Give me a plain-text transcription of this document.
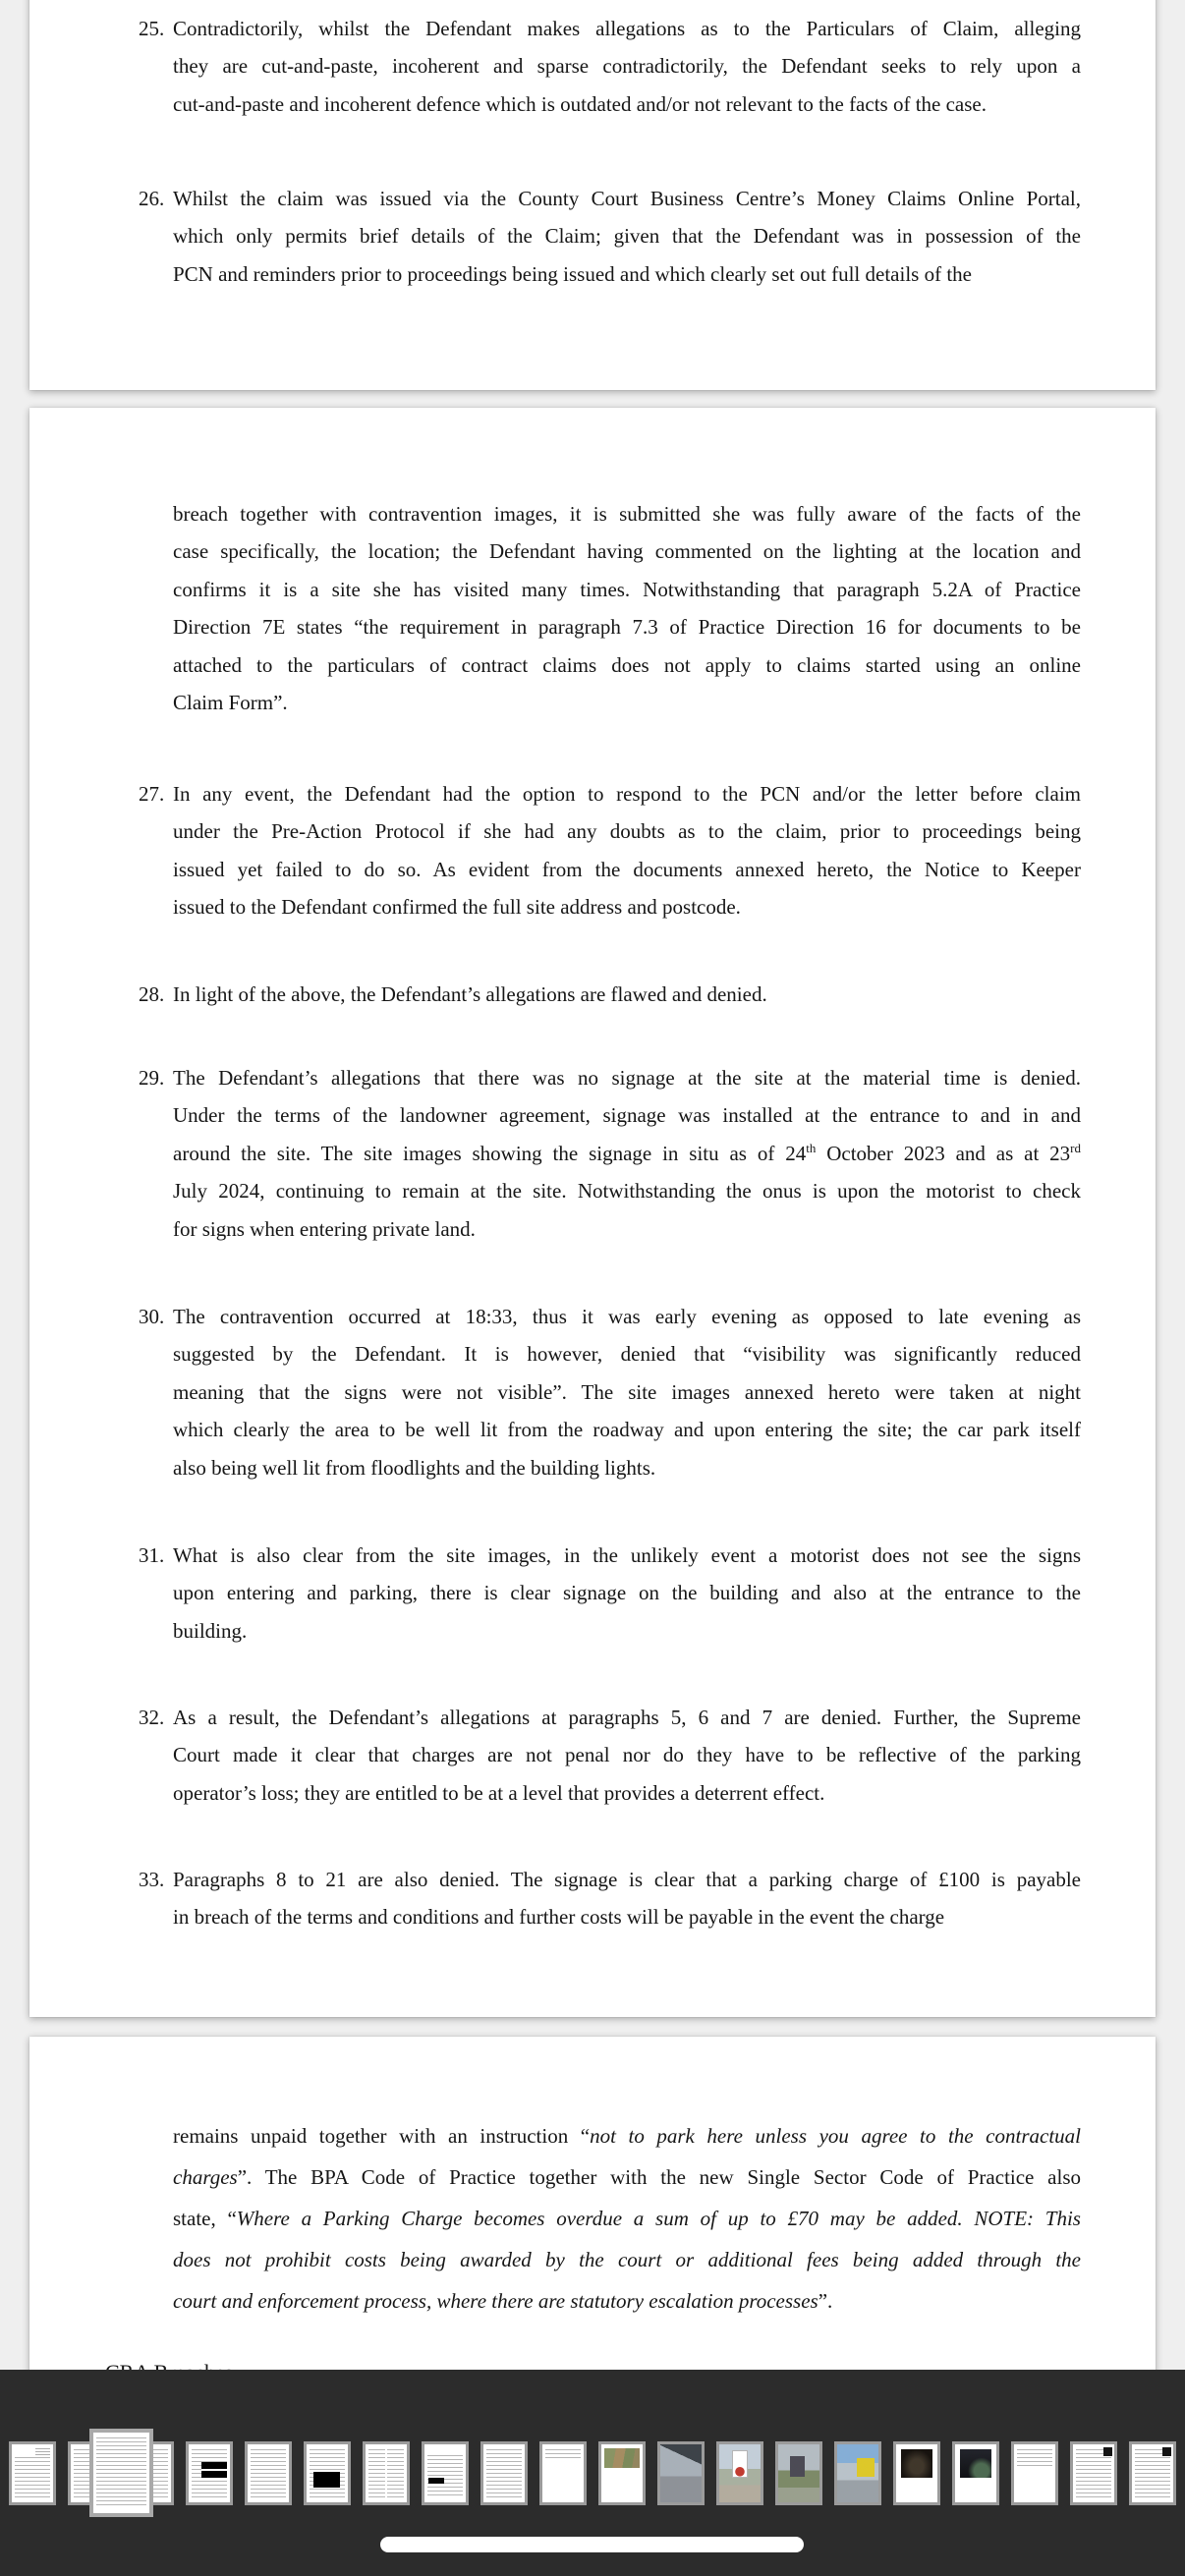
Contradictorily, whilst the Defendant makes allegations as to the Particulars of Claim, alleging
25.
they are cut-and-paste, incoherent and sparse contradictorily, the Defendant seeks to rely upon a
cut-and-paste and incoherent defence which is outdated and/or not relevant to the facts of the case.
Whilst the claim was issued via the County Court Business Centre’s Money Claims Online Portal,
26.
which only permits brief details of the Claim; given that the Defendant was in possession of the
PCN and reminders prior to proceedings being issued and which clearly set out full details of the
breach together with contravention images, it is submitted she was fully aware of the facts of the
case specifically, the location; the Defendant having commented on the lighting at the location and
confirms it is a site she has visited many times. Notwithstanding that paragraph 5.2A of Practice
Direction 7E states “the requirement in paragraph 7.3 of Practice Direction 16 for documents to be
attached to the particulars of contract claims does not apply to claims started using an online
Claim Form”.
In any event, the Defendant had the option to respond to the PCN and/or the letter before claim
27.
under the Pre-Action Protocol if she had any doubts as to the claim, prior to proceedings being
issued yet failed to do so. As evident from the documents annexed hereto, the Notice to Keeper
issued to the Defendant confirmed the full site address and postcode.
In light of the above, the Defendant’s allegations are flawed and denied.
28.
The Defendant’s allegations that there was no signage at the site at the material time is denied.
29.
Under the terms of the landowner agreement, signage was installed at the entrance to and in and
around the site. The site images showing the signage in situ as of 24th October 2023 and as at 23rd
July 2024, continuing to remain at the site. Notwithstanding the onus is upon the motorist to check
for signs when entering private land.
The contravention occurred at 18:33, thus it was early evening as opposed to late evening as
30.
suggested by the Defendant. It is however, denied that “visibility was significantly reduced
meaning that the signs were not visible”. The site images annexed hereto were taken at night
which clearly the area to be well lit from the roadway and upon entering the site; the car park itself
also being well lit from floodlights and the building lights.
What is also clear from the site images, in the unlikely event a motorist does not see the signs
31.
upon entering and parking, there is clear signage on the building and also at the entrance to the
building.
As a result, the Defendant’s allegations at paragraphs 5, 6 and 7 are denied. Further, the Supreme
32.
Court made it clear that charges are not penal nor do they have to be reflective of the parking
operator’s loss; they are entitled to be at a level that provides a deterrent effect.
Paragraphs 8 to 21 are also denied. The signage is clear that a parking charge of £100 is payable
33.
in breach of the terms and conditions and further costs will be payable in the event the charge
remains unpaid together with an instruction “not to park here unless you agree to the contractual
charges”. The BPA Code of Practice together with the new Single Sector Code of Practice also
state, “Where a Parking Charge becomes overdue a sum of up to £70 may be added. NOTE: This
does not prohibit costs being awarded by the court or additional fees being added through the
court and enforcement process, where there are statutory escalation processes”.
